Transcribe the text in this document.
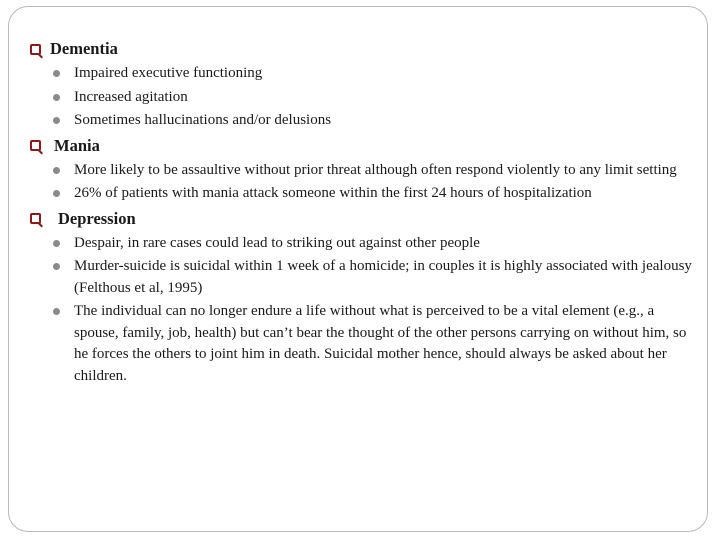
Dementia
Impaired executive functioning
Increased agitation
Sometimes hallucinations and/or delusions
Mania
More likely to be assaultive without prior threat although often respond violently to any limit setting
26% of patients with mania attack someone within the first 24 hours of hospitalization
Depression
Despair, in rare cases could lead to striking out against other people
Murder-suicide is suicidal within 1 week of a homicide; in couples it is highly associated with jealousy (Felthous et al, 1995)
The individual can no longer endure a life without what is perceived to be a vital element (e.g., a spouse, family, job, health) but can’t bear the thought of the other persons carrying on without him, so he forces the others to joint him in death. Suicidal mother hence, should always be asked about her children.
